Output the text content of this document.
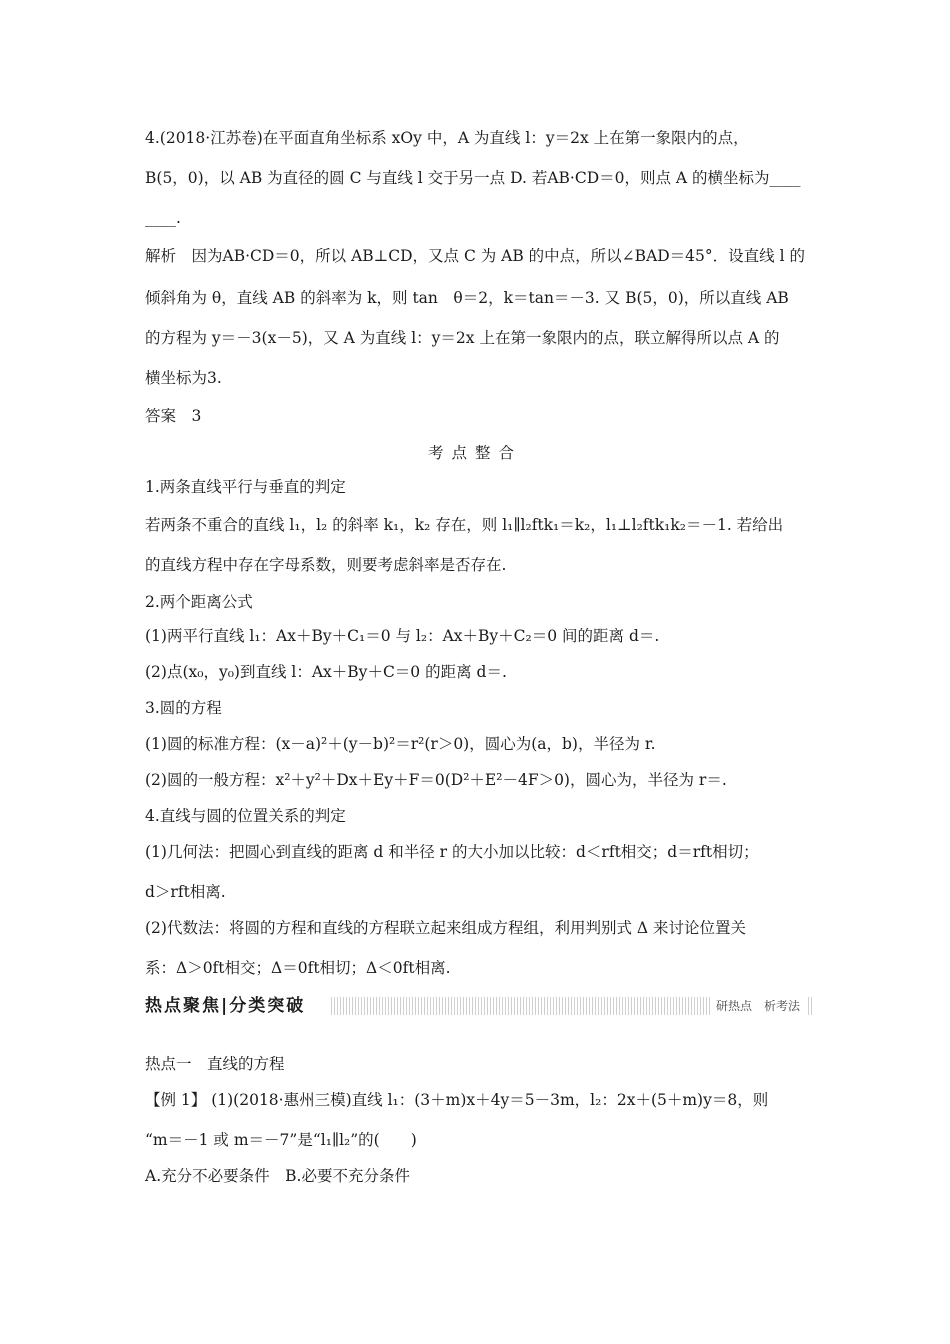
4.(2018·江苏卷)在平面直角坐标系 xOy 中，A 为直线 l：y＝2x 上在第一象限内的点，
B(5，0)，以 AB 为直径的圆 C 与直线 l 交于另一点 D. 若AB·CD＝0，则点 A 的横坐标为____
____.
解析　因为AB·CD＝0，所以 AB⊥CD，又点 C 为 AB 的中点，所以∠BAD＝45°．设直线 l 的
倾斜角为 θ，直线 AB 的斜率为 k，则 tan　θ＝2，k＝tan＝－3. 又 B(5，0)，所以直线 AB
的方程为 y＝－3(x－5)，又 A 为直线 l：y＝2x 上在第一象限内的点，联立解得所以点 A 的
横坐标为3.
答案　3
考点整合
1.两条直线平行与垂直的判定
若两条不重合的直线 l₁，l₂ 的斜率 k₁，k₂ 存在，则 l₁∥l₂ftk₁＝k₂，l₁⊥l₂ftk₁k₂＝－1. 若给出
的直线方程中存在字母系数，则要考虑斜率是否存在.
2.两个距离公式
(1)两平行直线 l₁：Ax＋By＋C₁＝0 与 l₂：Ax＋By＋C₂＝0 间的距离 d＝.
(2)点(x₀，y₀)到直线 l：Ax＋By＋C＝0 的距离 d＝.
3.圆的方程
(1)圆的标准方程：(x－a)²＋(y－b)²＝r²(r＞0)，圆心为(a，b)，半径为 r.
(2)圆的一般方程：x²＋y²＋Dx＋Ey＋F＝0(D²＋E²－4F＞0)，圆心为，半径为 r＝.
4.直线与圆的位置关系的判定
(1)几何法：把圆心到直线的距离 d 和半径 r 的大小加以比较：d＜rft相交；d＝rft相切；
d＞rft相离.
(2)代数法：将圆的方程和直线的方程联立起来组成方程组，利用判别式 Δ 来讨论位置关
系：Δ＞0ft相交；Δ＝0ft相切；Δ＜0ft相离.
热点聚焦|分类突破	研热点　析考法
热点一　直线的方程
【例 1】 (1)(2018·惠州三模)直线 l₁：(3＋m)x＋4y＝5－3m，l₂：2x＋(5＋m)y＝8，则
“m＝－1 或 m＝－7”是“l₁∥l₂”的(　　)
A.充分不必要条件　B.必要不充分条件
